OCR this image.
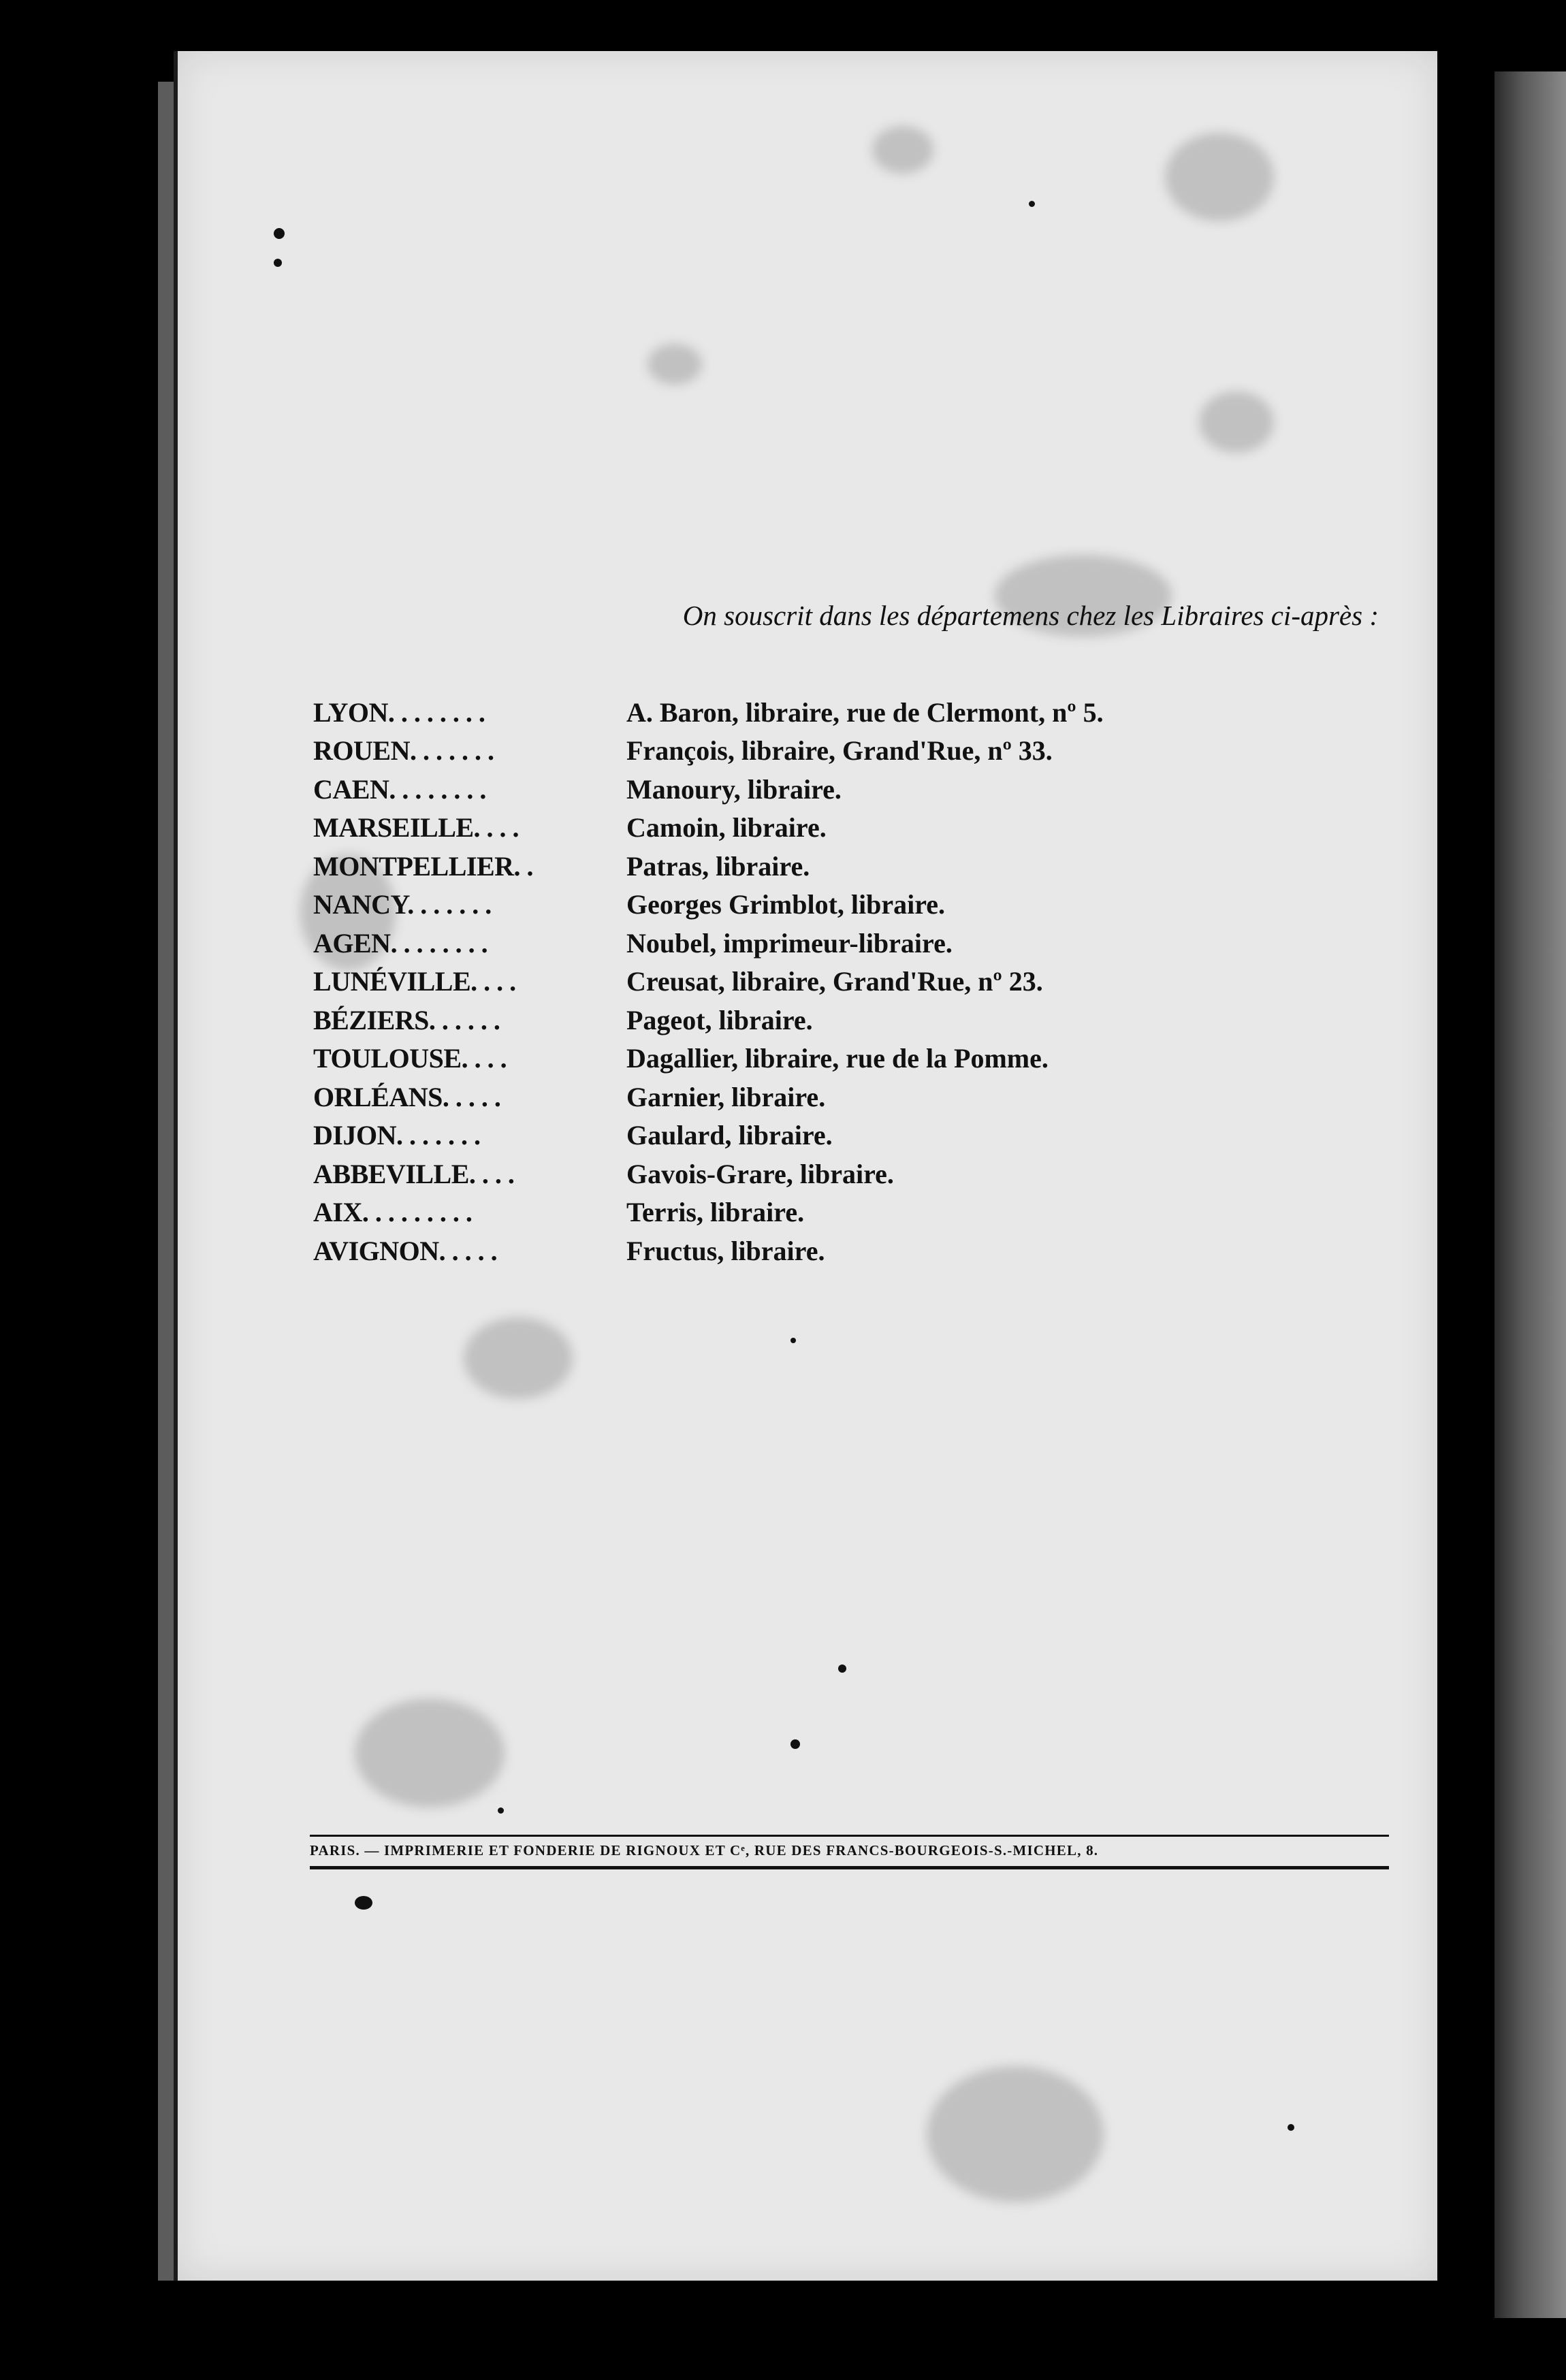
On souscrit dans les départemens chez les Libraires ci-après :
LYON. . . . . . . .	A. Baron, libraire, rue de Clermont, nº 5.
ROUEN. . . . . . .	François, libraire, Grand'Rue, nº 33.
CAEN. . . . . . . .	Manoury, libraire.
MARSEILLE. . . .	Camoin, libraire.
MONTPELLIER. .	Patras, libraire.
NANCY. . . . . . .	Georges Grimblot, libraire.
AGEN. . . . . . . .	Noubel, imprimeur-libraire.
LUNÉVILLE. . . .	Creusat, libraire, Grand'Rue, nº 23.
BÉZIERS. . . . . .	Pageot, libraire.
TOULOUSE. . . .	Dagallier, libraire, rue de la Pomme.
ORLÉANS. . . . .	Garnier, libraire.
DIJON. . . . . . .	Gaulard, libraire.
ABBEVILLE. . . .	Gavois-Grare, libraire.
AIX. . . . . . . . .	Terris, libraire.
AVIGNON. . . . .	Fructus, libraire.
PARIS. — IMPRIMERIE ET FONDERIE DE RIGNOUX ET Cᵉ, RUE DES FRANCS-BOURGEOIS-S.-MICHEL, 8.
